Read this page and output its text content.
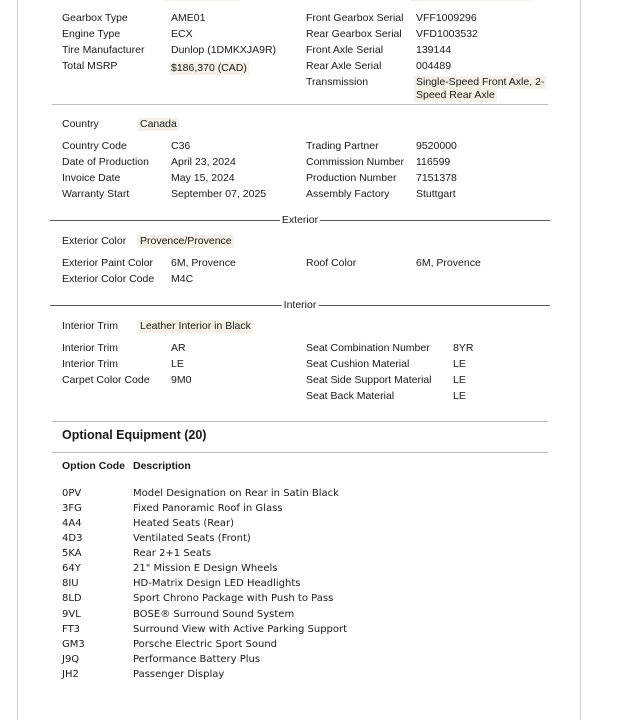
Gearbox Type	AME01
Engine Type	ECX
Tire Manufacturer	Dunlop (1DMKXJA9R)
Total MSRP	$186,370 (CAD)
Front Gearbox Serial VFF1009296
Rear Gearbox Serial VFD1003532
Front Axle Serial	139144
Rear Axle Serial	004489
Transmission	Single-Speed Front Axle, 2-
Speed Rear Axle
Country	Canada
Country Code	C36
Date of Production April 23, 2024
Invoice Date	May 15, 2024
Warranty Start	September 07, 2025
Trading Partner	9520000
Commission Number 116599
Production Number 7151378
Assembly Factory	Stuttgart
Exterior
Exterior Color Provence/Provence
Exterior Paint Color 6M, Provence
Exterior Color Code M4C
Roof Color	6M, Provence
Interior
Interior Trim Leather Interior in Black
Interior Trim	AR
Interior Trim	LE
Carpet Color Code 9M0
Seat Combination Number 8YR
Seat Cushion Material	LE
Seat Side Support Material LE
Seat Back Material	LE
Optional Equipment (20)
Option Code Description
0PV	Model Designation on Rear in Satin Black
3FG	Fixed Panoramic Roof in Glass
4A4	Heated Seats (Rear)
4D3	Ventilated Seats (Front)
5KA	Rear 2+1 Seats
64Y	21" Mission E Design Wheels
8IU	HD-Matrix Design LED Headlights
8LD	Sport Chrono Package with Push to Pass
9VL	BOSE® Surround Sound System
FT3	Surround View with Active Parking Support
GM3	Porsche Electric Sport Sound
J9Q	Performance Battery Plus
JH2	Passenger Display
